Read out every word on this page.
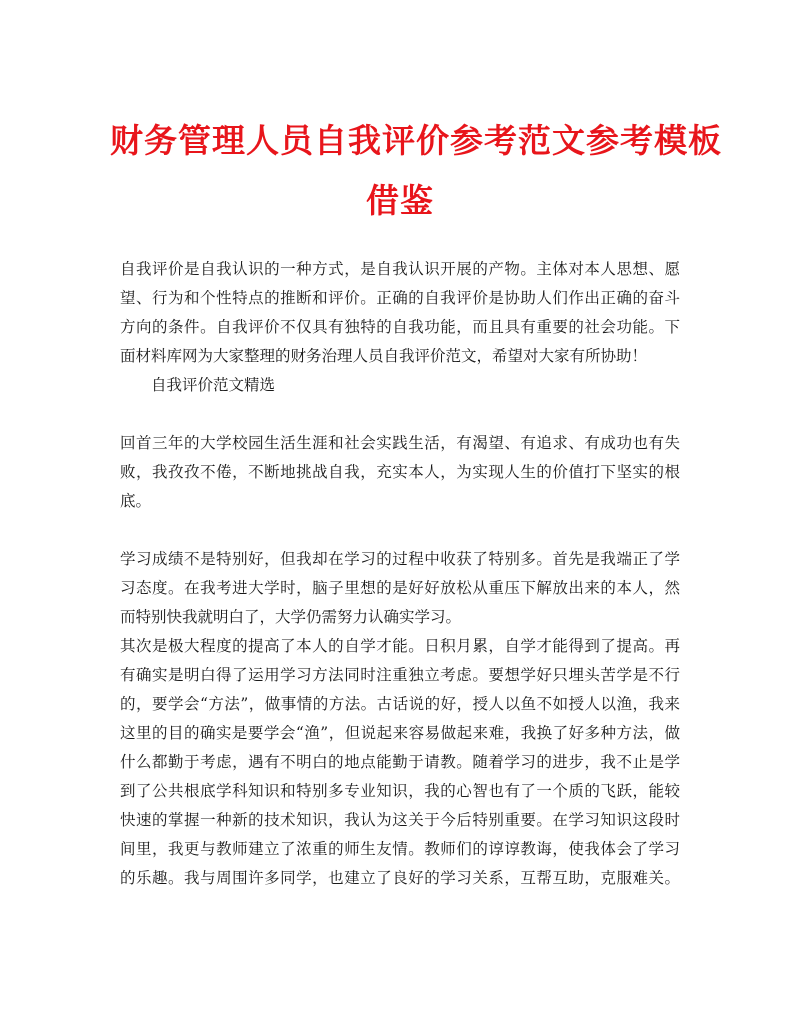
财务管理人员自我评价参考范文参考模板
借鉴
自我评价是自我认识的一种方式，是自我认识开展的产物。主体对本人思想、愿
望、行为和个性特点的推断和评价。正确的自我评价是协助人们作出正确的奋斗
方向的条件。自我评价不仅具有独特的自我功能，而且具有重要的社会功能。下
面材料库网为大家整理的财务治理人员自我评价范文，希望对大家有所协助！
自我评价范文精选
回首三年的大学校园生活生涯和社会实践生活，有渴望、有追求、有成功也有失
败，我孜孜不倦，不断地挑战自我，充实本人，为实现人生的价值打下坚实的根
底。
学习成绩不是特别好，但我却在学习的过程中收获了特别多。首先是我端正了学
习态度。在我考进大学时，脑子里想的是好好放松从重压下解放出来的本人，然
而特别快我就明白了，大学仍需努力认确实学习。
其次是极大程度的提高了本人的自学才能。日积月累，自学才能得到了提高。再
有确实是明白得了运用学习方法同时注重独立考虑。要想学好只埋头苦学是不行
的，要学会“方法”，做事情的方法。古话说的好，授人以鱼不如授人以渔，我来
这里的目的确实是要学会“渔”，但说起来容易做起来难，我换了好多种方法，做
什么都勤于考虑，遇有不明白的地点能勤于请教。随着学习的进步，我不止是学
到了公共根底学科知识和特别多专业知识，我的心智也有了一个质的飞跃，能较
快速的掌握一种新的技术知识，我认为这关于今后特别重要。在学习知识这段时
间里，我更与教师建立了浓重的师生友情。教师们的谆谆教诲，使我体会了学习
的乐趣。我与周围许多同学，也建立了良好的学习关系，互帮互助，克服难关。
